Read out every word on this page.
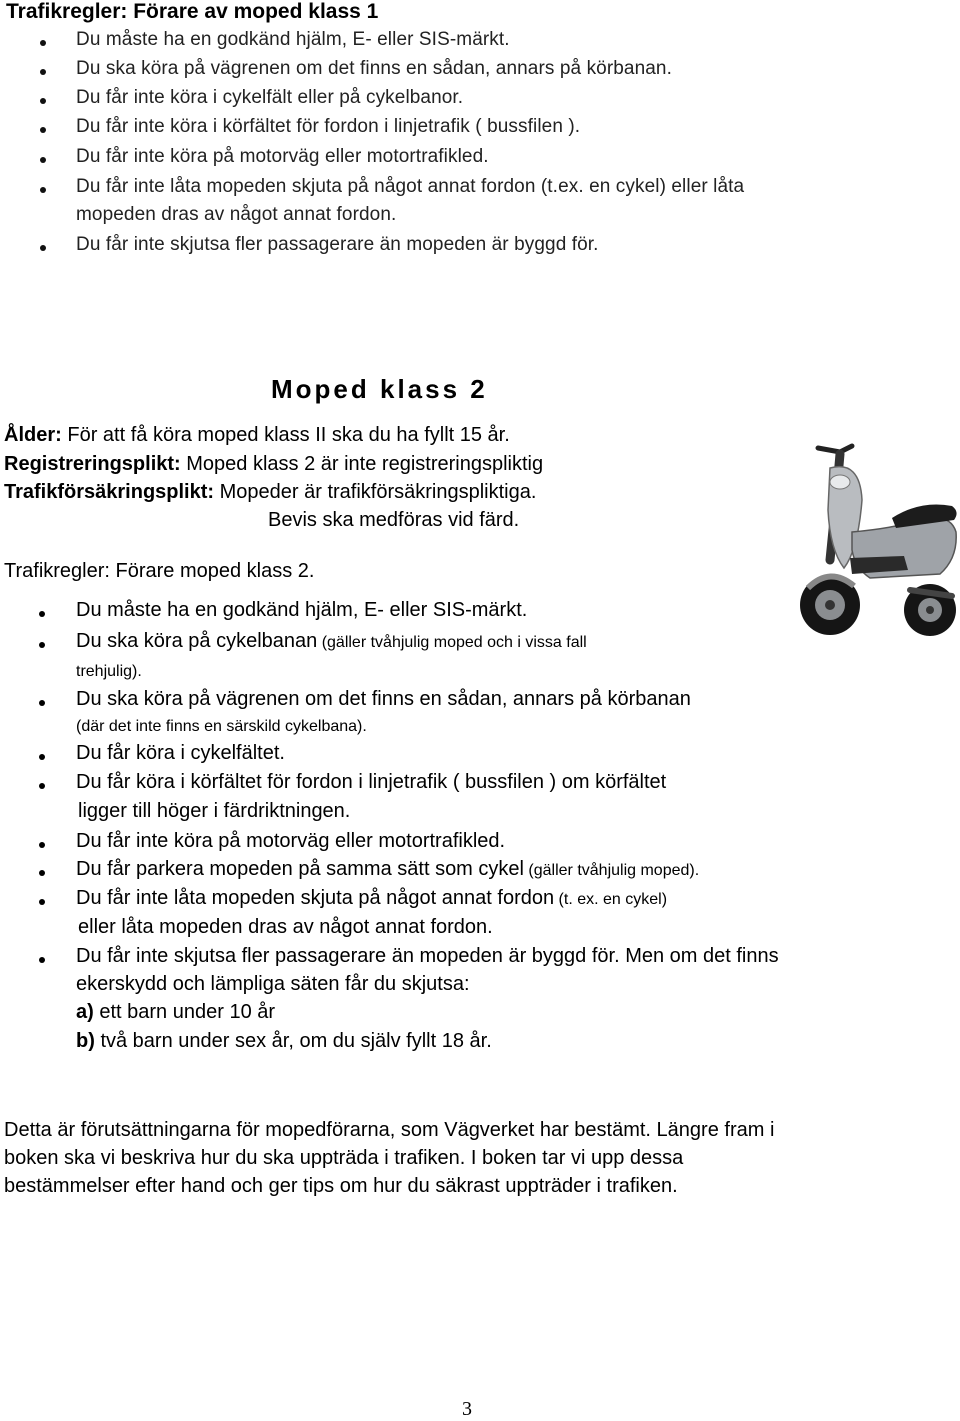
Trafikregler: Förare av moped klass 1
Du måste ha en godkänd hjälm, E- eller SIS-märkt.
Du ska köra på vägrenen om det finns en sådan, annars på körbanan.
Du får inte köra i cykelfält eller på cykelbanor.
Du får inte köra i körfältet för fordon i linjetrafik ( bussfilen ).
Du får inte köra på motorväg eller motortrafikled.
Du får inte låta mopeden skjuta på något annat fordon (t.ex. en cykel) eller låta
mopeden dras av något annat fordon.
Du får inte skjutsa fler passagerare än mopeden är byggd för.
Moped klass 2
Ålder: För att få köra moped klass II ska du ha fyllt 15 år.
Registreringsplikt: Moped klass 2 är inte registreringspliktig
Trafikförsäkringsplikt: Mopeder är trafikförsäkringspliktiga.
Bevis ska medföras vid färd.
Trafikregler: Förare moped klass 2.
Du måste ha en godkänd hjälm, E- eller SIS-märkt.
Du ska köra på cykelbanan (gäller tvåhjulig moped och i vissa fall
trehjulig).
Du ska köra på vägrenen om det finns en sådan, annars på körbanan
(där det inte finns en särskild cykelbana).
Du får köra i cykelfältet.
Du får köra i körfältet för fordon i linjetrafik ( bussfilen ) om körfältet
ligger till höger i färdriktningen.
Du får inte köra på motorväg eller motortrafikled.
Du får parkera mopeden på samma sätt som cykel (gäller tvåhjulig moped).
Du får inte låta mopeden skjuta på något annat fordon (t. ex. en cykel)
eller låta mopeden dras av något annat fordon.
Du får inte skjutsa fler passagerare än mopeden är byggd för. Men om det finns
ekerskydd och lämpliga säten får du skjutsa:
a) ett barn under 10 år
b) två barn under sex år, om du själv fyllt 18 år.
Detta är förutsättningarna för mopedförarna, som Vägverket har bestämt. Längre fram i
boken ska vi beskriva hur du ska uppträda i trafiken. I boken tar vi upp dessa
bestämmelser efter hand och ger tips om hur du säkrast uppträder i trafiken.
3
